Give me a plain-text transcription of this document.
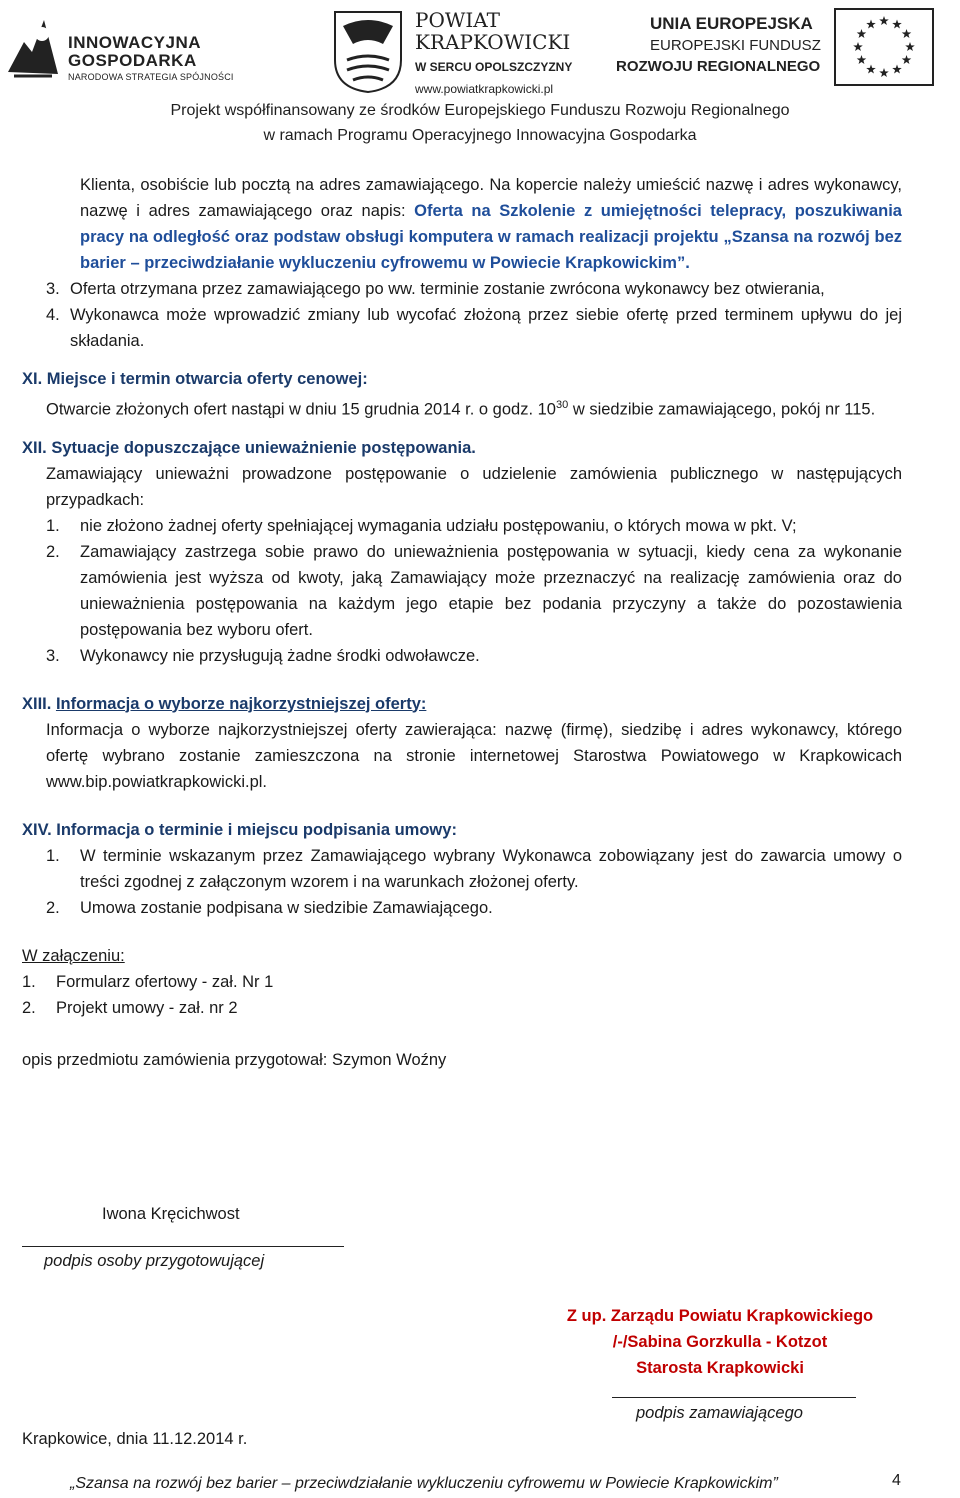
INNOWACYJNA
GOSPODARKA
NARODOWA STRATEGIA SPÓJNOŚCI
POWIAT
KRAPKOWICKI
W SERCU OPOLSZCZYZNY
www.powiatkrapkowicki.pl
UNIA EUROPEJSKA
EUROPEJSKI FUNDUSZ
ROZWOJU REGIONALNEGO
Projekt współfinansowany ze środków Europejskiego Funduszu Rozwoju Regionalnego
w ramach Programu Operacyjnego Innowacyjna Gospodarka
Klienta, osobiście lub pocztą na adres zamawiającego. Na kopercie należy umieścić nazwę i adres wykonawcy, nazwę i adres zamawiającego oraz napis: Oferta na Szkolenie z umiejętności telepracy, poszukiwania pracy na odległość oraz podstaw obsługi komputera w ramach realizacji projektu „Szansa na rozwój bez barier – przeciwdziałanie wykluczeniu cyfrowemu w Powiecie Krapkowickim”.
3. Oferta otrzymana przez zamawiającego po ww. terminie zostanie zwrócona wykonawcy bez otwierania,
4. Wykonawca może wprowadzić zmiany lub wycofać złożoną przez siebie ofertę przed terminem upływu do jej składania.
XI. Miejsce i termin otwarcia oferty cenowej:
Otwarcie złożonych ofert nastąpi w dniu 15 grudnia 2014 r. o godz. $10^{30}$ w siedzibie zamawiającego, pokój nr 115.
XII. Sytuacje dopuszczające unieważnienie postępowania.
Zamawiający unieważni prowadzone postępowanie o udzielenie zamówienia publicznego w następujących przypadkach:
1.	nie złożono żadnej oferty spełniającej wymagania udziału postępowaniu, o których mowa w pkt. V;
2.	Zamawiający zastrzega sobie prawo do unieważnienia postępowania w sytuacji, kiedy cena za wykonanie zamówienia jest wyższa od kwoty, jaką Zamawiający może przeznaczyć na realizację zamówienia oraz do unieważnienia postępowania na każdym jego etapie bez podania przyczyny a także do pozostawienia postępowania bez wyboru ofert.
3.	Wykonawcy nie przysługują żadne środki odwoławcze.
XIII. Informacja o wyborze najkorzystniejszej oferty:
Informacja o wyborze najkorzystniejszej oferty zawierająca: nazwę (firmę), siedzibę i adres wykonawcy, którego ofertę wybrano zostanie zamieszczona na stronie internetowej Starostwa Powiatowego w Krapkowicach www.bip.powiatkrapkowicki.pl.
XIV. Informacja o terminie i miejscu podpisania umowy:
1.	W terminie wskazanym przez Zamawiającego wybrany Wykonawca zobowiązany jest do zawarcia umowy o treści zgodnej z załączonym wzorem i na warunkach złożonej oferty.
2.	Umowa zostanie podpisana w siedzibie Zamawiającego.
W załączeniu:
1.	Formularz ofertowy - zał. Nr 1
2.	Projekt umowy - zał. nr 2
opis przedmiotu zamówienia przygotował: Szymon Woźny
Iwona Kręcichwost
podpis osoby przygotowującej
Z up. Zarządu Powiatu Krapkowickiego
/-/Sabina Gorzkulla - Kotzot
Starosta Krapkowicki
podpis zamawiającego
Krapkowice, dnia 11.12.2014 r.
„Szansa na rozwój bez barier – przeciwdziałanie wykluczeniu cyfrowemu w Powiecie Krapkowickim”	4
